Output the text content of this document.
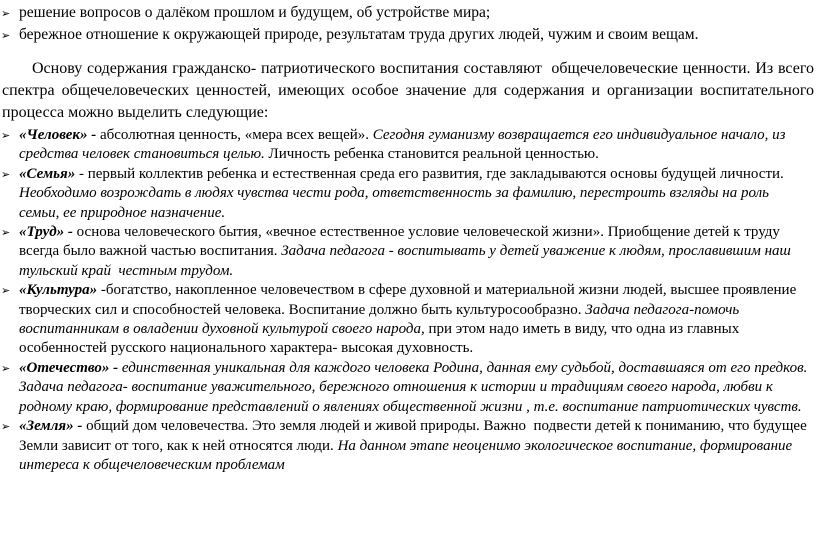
➢ решение вопросов о далёком прошлом и будущем, об устройстве мира;
➢ бережное отношение к окружающей природе, результатам труда других людей, чужим и своим вещам.

Основу содержания гражданско- патриотического воспитания составляют  общечеловеческие ценности. Из всего спектра общечеловеческих ценностей, имеющих особое значение для содержания и организации воспитательного процесса можно выделить следующие:

➢ «Человек» - абсолютная ценность, «мера всех вещей». Сегодня гуманизму возвращается его индивидуальное начало, из средства человек становиться целью. Личность ребенка становится реальной ценностью.
➢ «Семья» - первый коллектив ребенка и естественная среда его развития, где закладываются основы будущей личности. Необходимо возрождать в людях чувства чести рода, ответственность за фамилию, перестроить взгляды на роль семьи, ее природное назначение.
➢ «Труд» - основа человеческого бытия, «вечное естественное условие человеческой жизни». Приобщение детей к труду всегда было важной частью воспитания. Задача педагога - воспитывать у детей уважение к людям, прославившим наш тульский край  честным трудом.
➢ «Культура» -богатство, накопленное человечеством в сфере духовной и материальной жизни людей, высшее проявление творческих сил и способностей человека. Воспитание должно быть культуросообразно. Задача педагога-помочь воспитанникам в овладении духовной культурой своего народа, при этом надо иметь в виду, что одна из главных особенностей русского национального характера- высокая духовность.
➢ «Отечество» - единственная уникальная для каждого человека Родина, данная ему судьбой, доставшаяся от его предков. Задача педагога- воспитание уважительного, бережного отношения к истории и традициям своего народа, любви к  родному краю, формирование представлений о явлениях общественной жизни , т.е. воспитание патриотических чувств.
➢ «Земля» - общий дом человечества. Это земля людей и живой природы. Важно  подвести детей к пониманию, что будущее Земли зависит от того, как к ней относятся люди. На данном этапе неоценимо экологическое воспитание, формирование интереса к общечеловеческим проблемам
